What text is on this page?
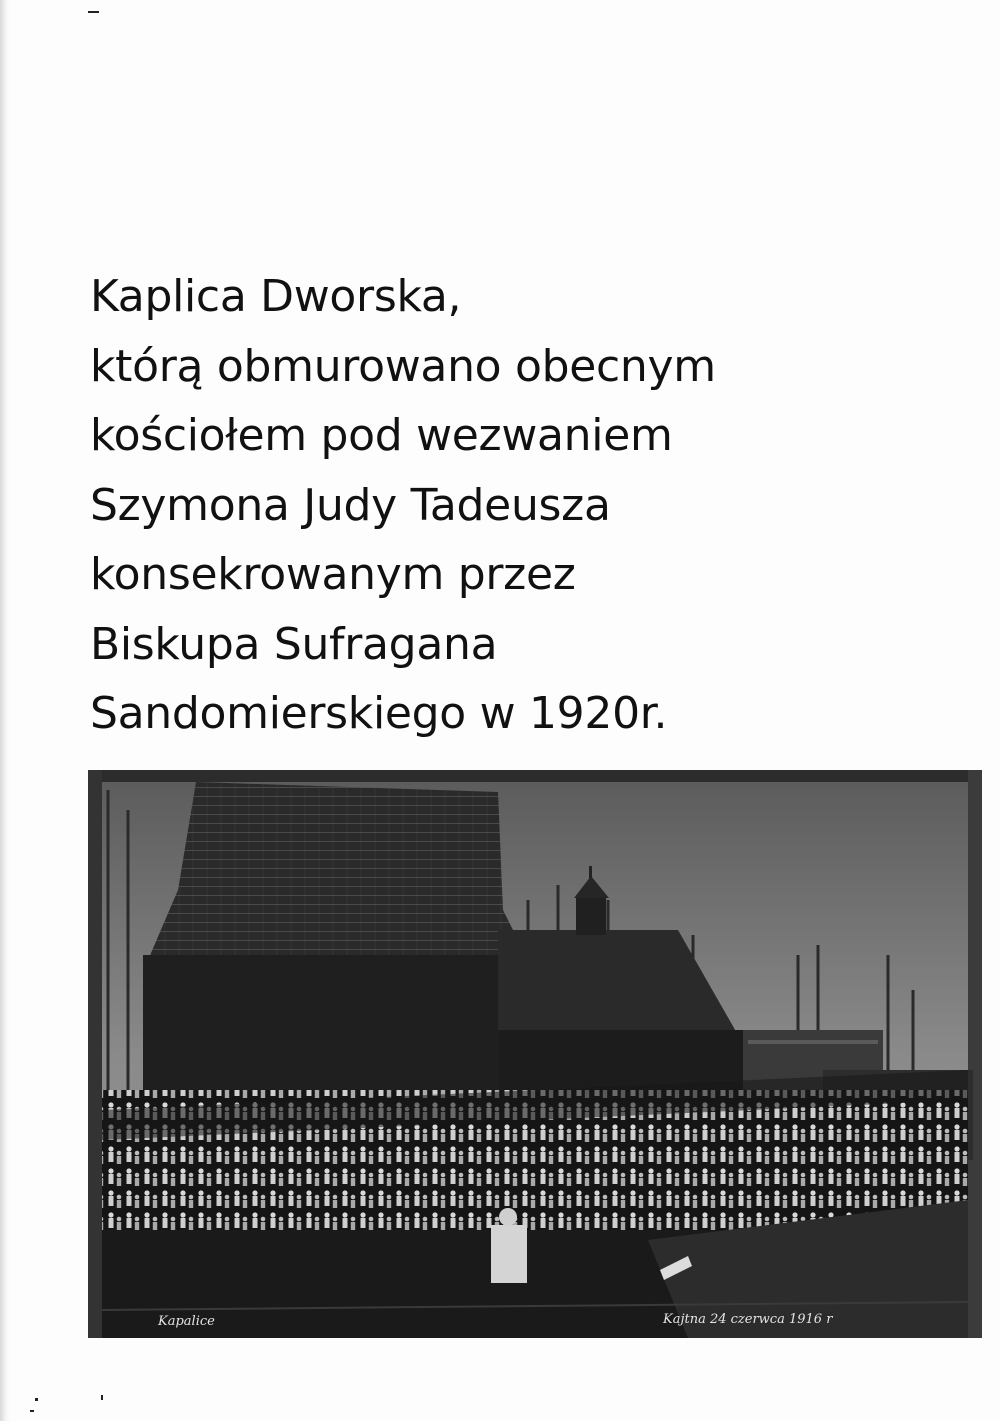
Kaplica Dworska,
którą obmurowano obecnym
kościołem pod wezwaniem
Szymona Judy Tadeusza
konsekrowanym przez
Biskupa Sufragana
Sandomierskiego w 1920r.
Kapalice	Kajtna 24 czerwca 1916 r
